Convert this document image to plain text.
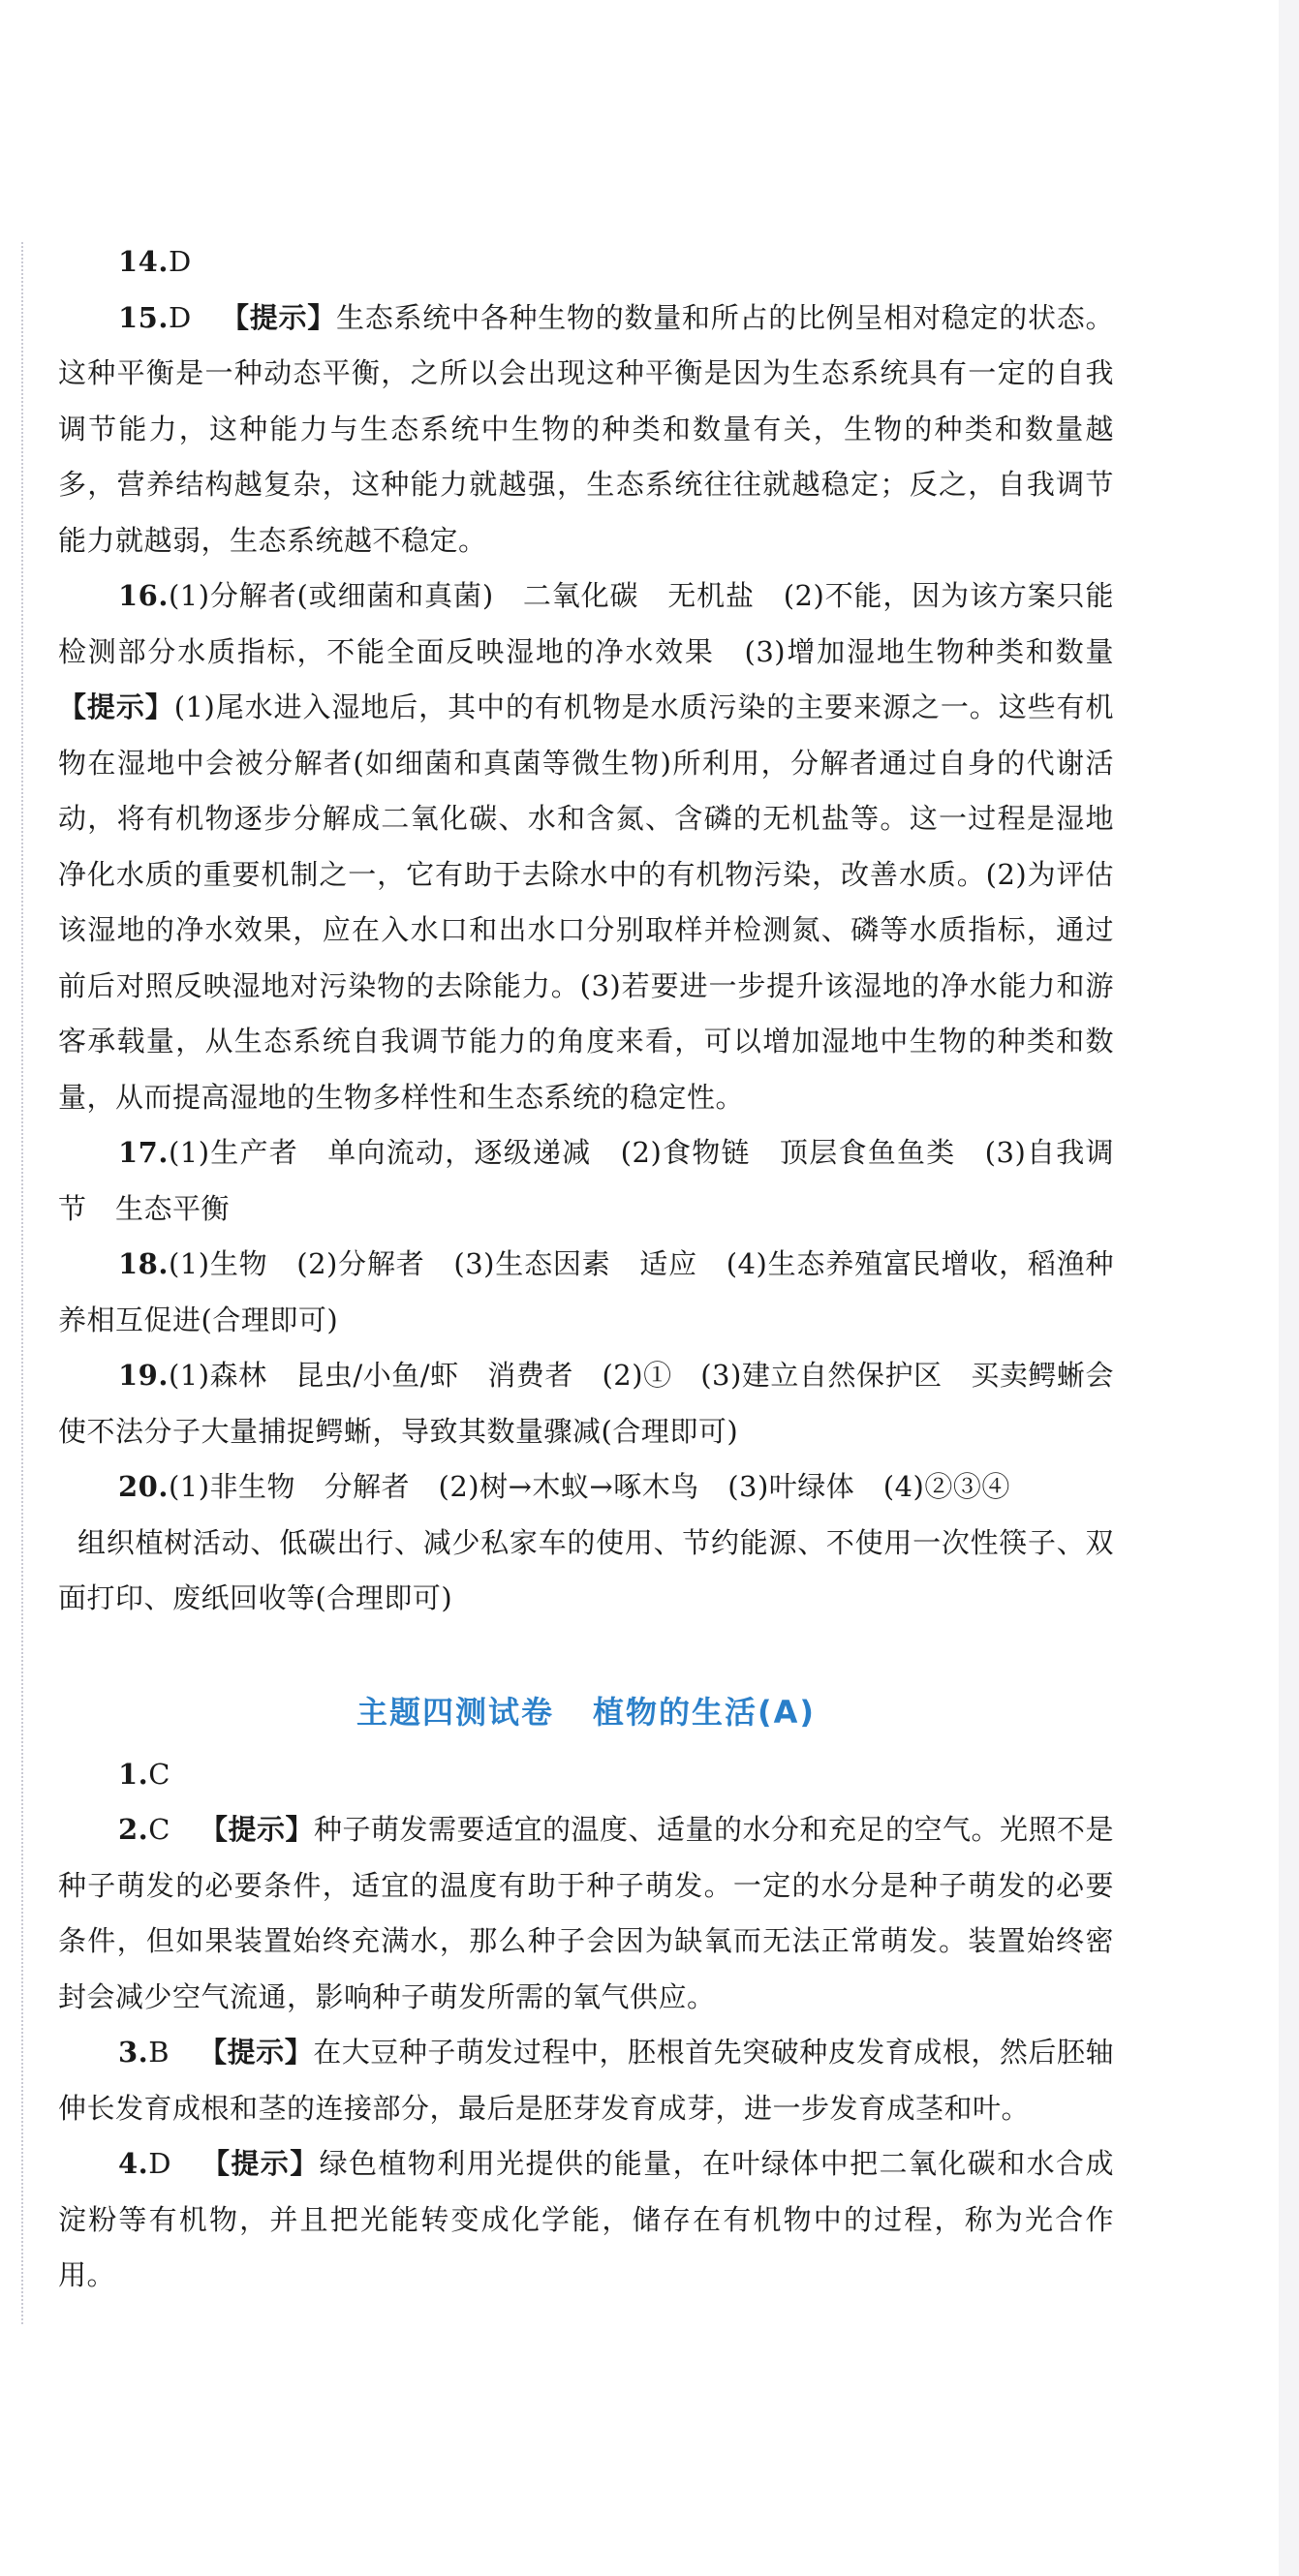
14.D

15.D 【提示】生态系统中各种生物的数量和所占的比例呈相对稳定的状态。这种平衡是一种动态平衡，之所以会出现这种平衡是因为生态系统具有一定的自我调节能力，这种能力与生态系统中生物的种类和数量有关，生物的种类和数量越多，营养结构越复杂，这种能力就越强，生态系统往往就越稳定；反之，自我调节能力就越弱，生态系统越不稳定。

16.(1)分解者(或细菌和真菌)　二氧化碳　无机盐　(2)不能，因为该方案只能检测部分水质指标，不能全面反映湿地的净水效果　(3)增加湿地生物种类和数量　【提示】(1)尾水进入湿地后，其中的有机物是水质污染的主要来源之一。这些有机物在湿地中会被分解者(如细菌和真菌等微生物)所利用，分解者通过自身的代谢活动，将有机物逐步分解成二氧化碳、水和含氮、含磷的无机盐等。这一过程是湿地净化水质的重要机制之一，它有助于去除水中的有机物污染，改善水质。(2)为评估该湿地的净水效果，应在入水口和出水口分别取样并检测氮、磷等水质指标，通过前后对照反映湿地对污染物的去除能力。(3)若要进一步提升该湿地的净水能力和游客承载量，从生态系统自我调节能力的角度来看，可以增加湿地中生物的种类和数量，从而提高湿地的生物多样性和生态系统的稳定性。

17.(1)生产者　单向流动，逐级递减　(2)食物链　顶层食鱼鱼类　(3)自我调节　生态平衡

18.(1)生物　(2)分解者　(3)生态因素　适应　(4)生态养殖富民增收，稻渔种养相互促进(合理即可)

19.(1)森林　昆虫/小鱼/虾　消费者　(2)①　(3)建立自然保护区　买卖鳄蜥会使不法分子大量捕捉鳄蜥，导致其数量骤减(合理即可)

20.(1)非生物　分解者　(2)树→木蚁→啄木鸟　(3)叶绿体　(4)②③④

组织植树活动、低碳出行、减少私家车的使用、节约能源、不使用一次性筷子、双面打印、废纸回收等(合理即可)

主题四测试卷 植物的生活(A)

1.C

2.C 【提示】种子萌发需要适宜的温度、适量的水分和充足的空气。光照不是种子萌发的必要条件，适宜的温度有助于种子萌发。一定的水分是种子萌发的必要条件，但如果装置始终充满水，那么种子会因为缺氧而无法正常萌发。装置始终密封会减少空气流通，影响种子萌发所需的氧气供应。

3.B 【提示】在大豆种子萌发过程中，胚根首先突破种皮发育成根，然后胚轴伸长发育成根和茎的连接部分，最后是胚芽发育成芽，进一步发育成茎和叶。

4.D 【提示】绿色植物利用光提供的能量，在叶绿体中把二氧化碳和水合成淀粉等有机物，并且把光能转变成化学能，储存在有机物中的过程，称为光合作用。
